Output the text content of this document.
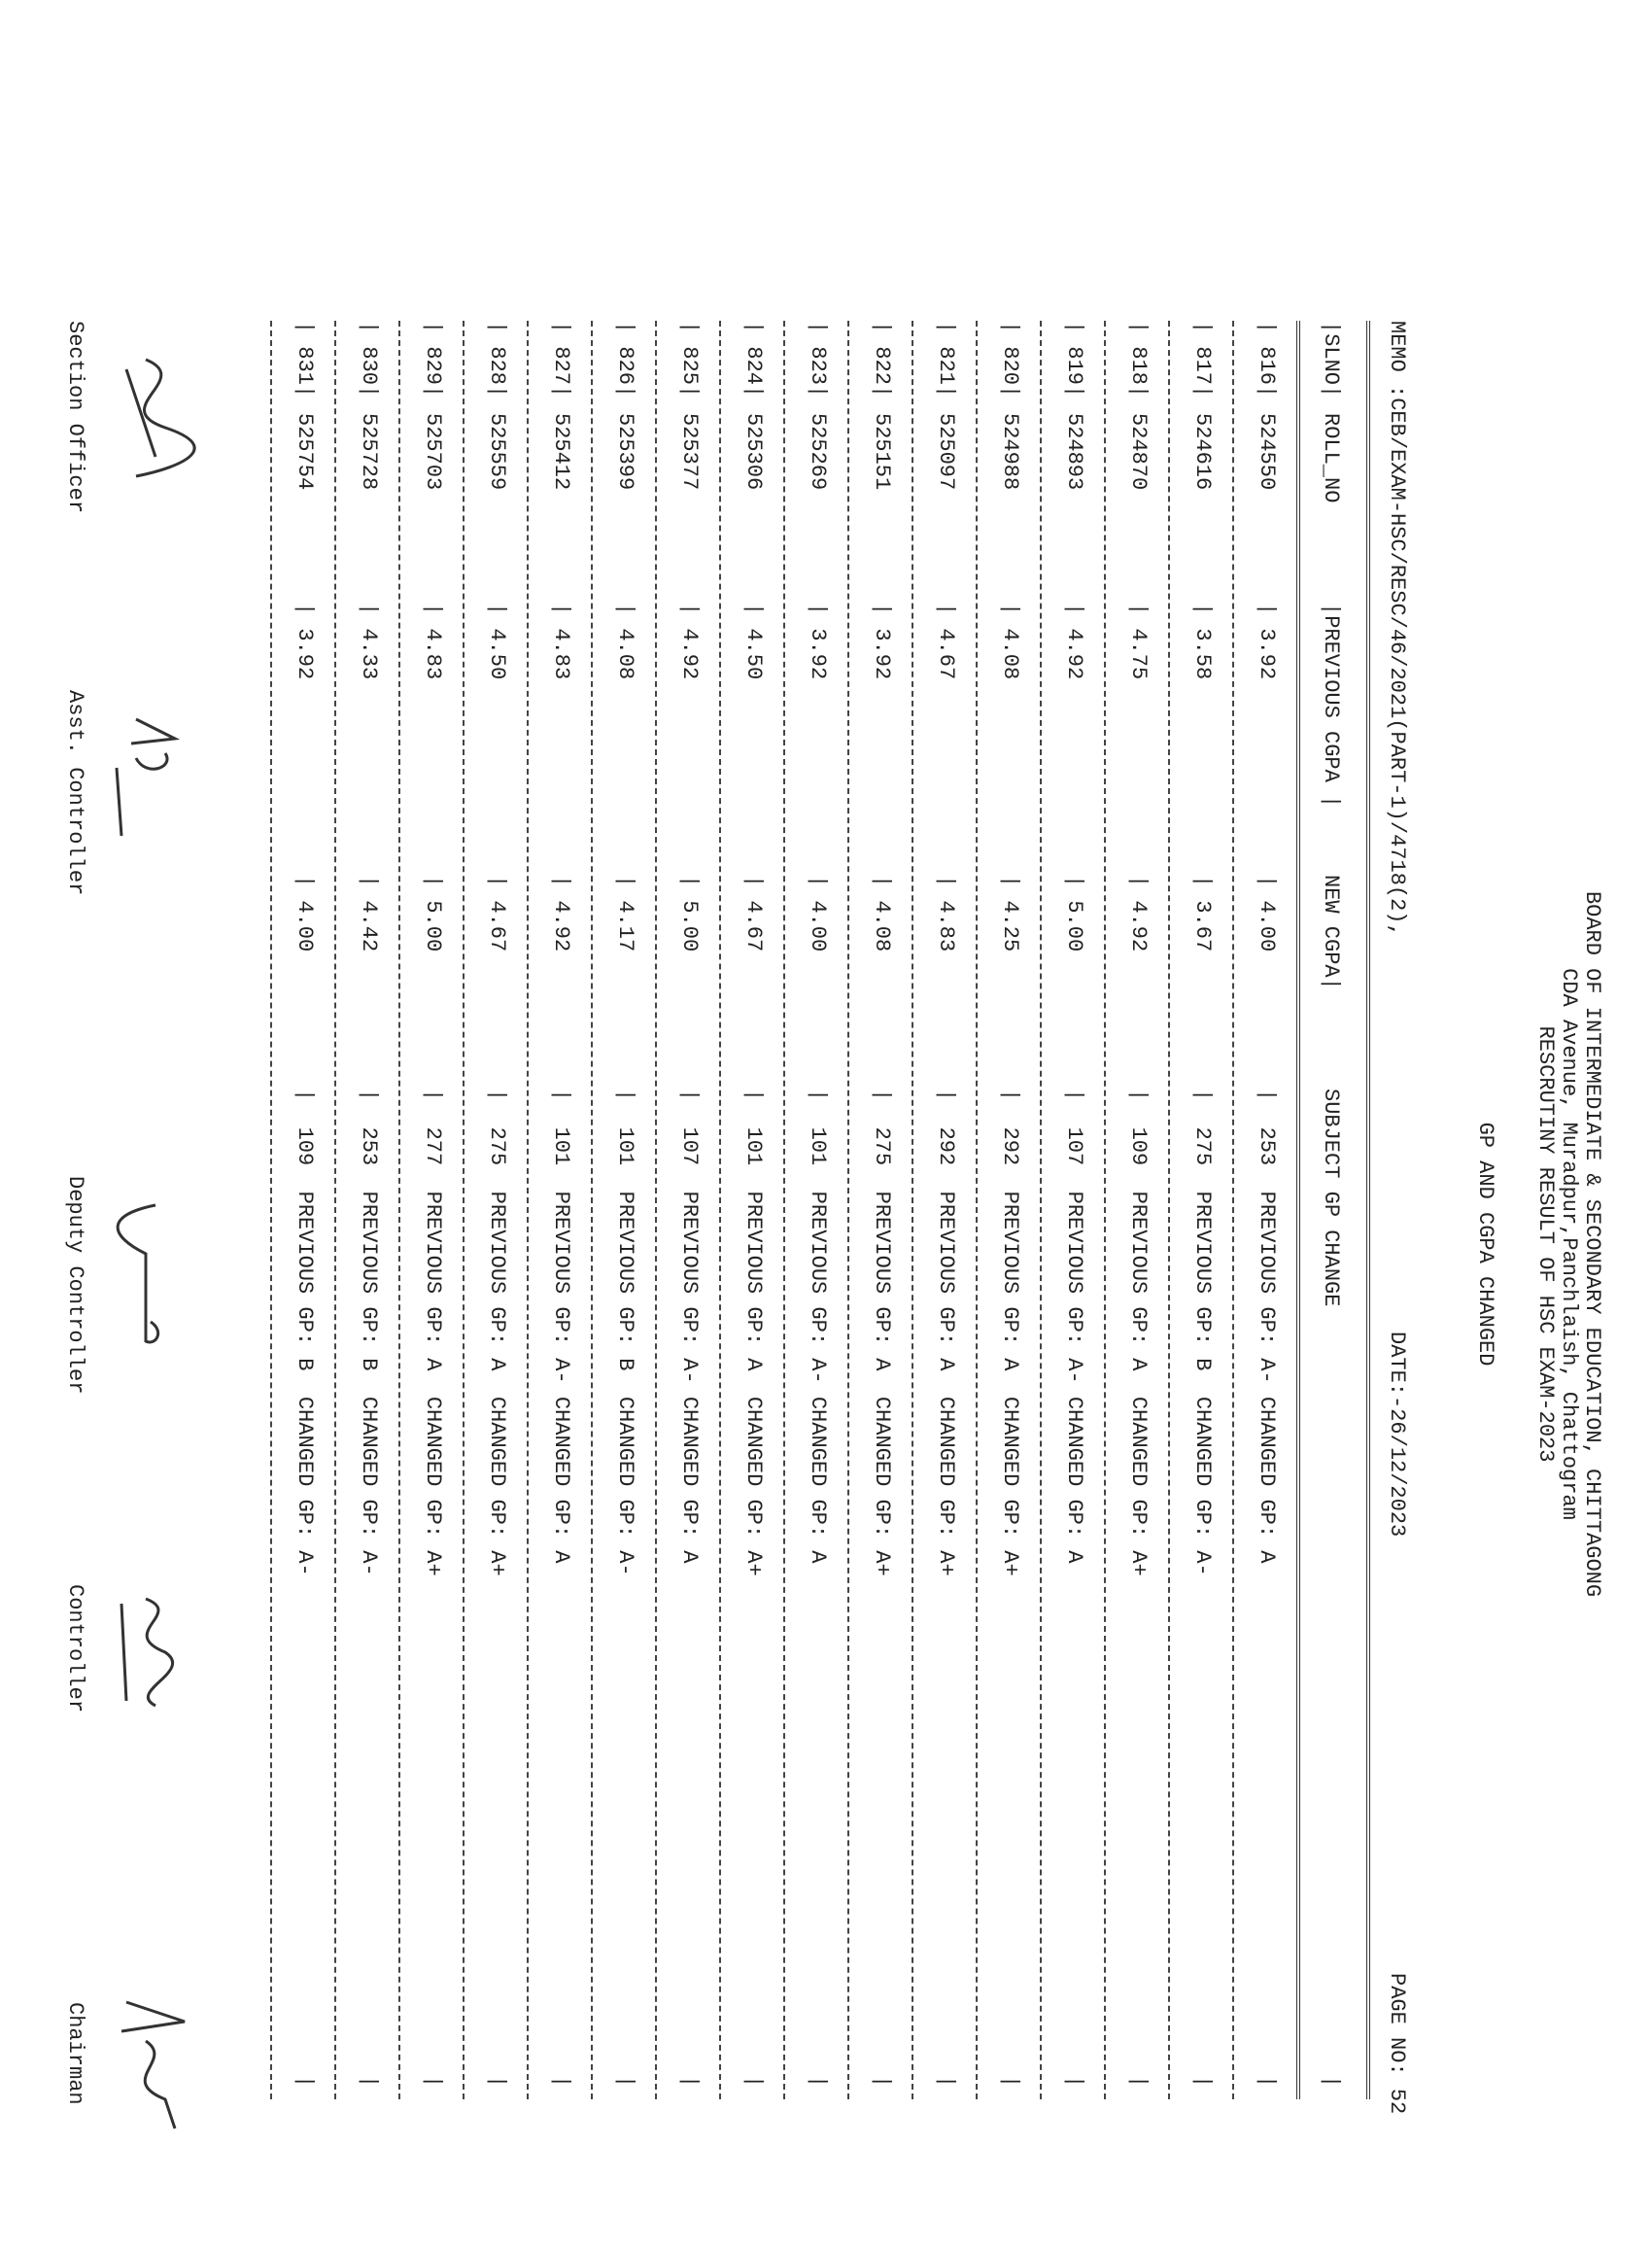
BOARD OF INTERMEDIATE & SECONDARY EDUCATION, CHITTAGONG
CDA Avenue, Muradpur,Panchlaish, Chattogram
RESCRUTINY RESULT OF HSC EXAM-2023
GP AND CGPA CHANGED
MEMO :CEB/EXAM-HSC/RESC/46/2021(PART-1)/4718(2),
DATE:-26/12/2023
PAGE NO: 52

|SLNO|

ROLL_NO

|PREVIOUS CGPA |

NEW CGPA|

SUBJECT GP CHANGE

|

| 816|
524550
| 3.92
| 4.00
|  253  PREVIOUS GP: A- CHANGED GP: A
|
| 817|
524616
| 3.58
| 3.67
|  275  PREVIOUS GP: B  CHANGED GP: A-
|
| 818|
524870
| 4.75
| 4.92
|  109  PREVIOUS GP: A  CHANGED GP: A+
|
| 819|
524893
| 4.92
| 5.00
|  107  PREVIOUS GP: A- CHANGED GP: A
|
| 820|
524988
| 4.08
| 4.25
|  292  PREVIOUS GP: A  CHANGED GP: A+
|
| 821|
525097
| 4.67
| 4.83
|  292  PREVIOUS GP: A  CHANGED GP: A+
|
| 822|
525151
| 3.92
| 4.08
|  275  PREVIOUS GP: A  CHANGED GP: A+
|
| 823|
525269
| 3.92
| 4.00
|  101  PREVIOUS GP: A- CHANGED GP: A
|
| 824|
525306
| 4.50
| 4.67
|  101  PREVIOUS GP: A  CHANGED GP: A+
|
| 825|
525377
| 4.92
| 5.00
|  107  PREVIOUS GP: A- CHANGED GP: A
|
| 826|
525399
| 4.08
| 4.17
|  101  PREVIOUS GP: B  CHANGED GP: A-
|
| 827|
525412
| 4.83
| 4.92
|  101  PREVIOUS GP: A- CHANGED GP: A
|
| 828|
525559
| 4.50
| 4.67
|  275  PREVIOUS GP: A  CHANGED GP: A+
|
| 829|
525703
| 4.83
| 5.00
|  277  PREVIOUS GP: A  CHANGED GP: A+
|
| 830|
525728
| 4.33
| 4.42
|  253  PREVIOUS GP: B  CHANGED GP: A-
|
| 831|
525754
| 3.92
| 4.00
|  109  PREVIOUS GP: B  CHANGED GP: A-
|
Section Officer
Asst. Controller
Deputy Controller
Controller
Chairman
